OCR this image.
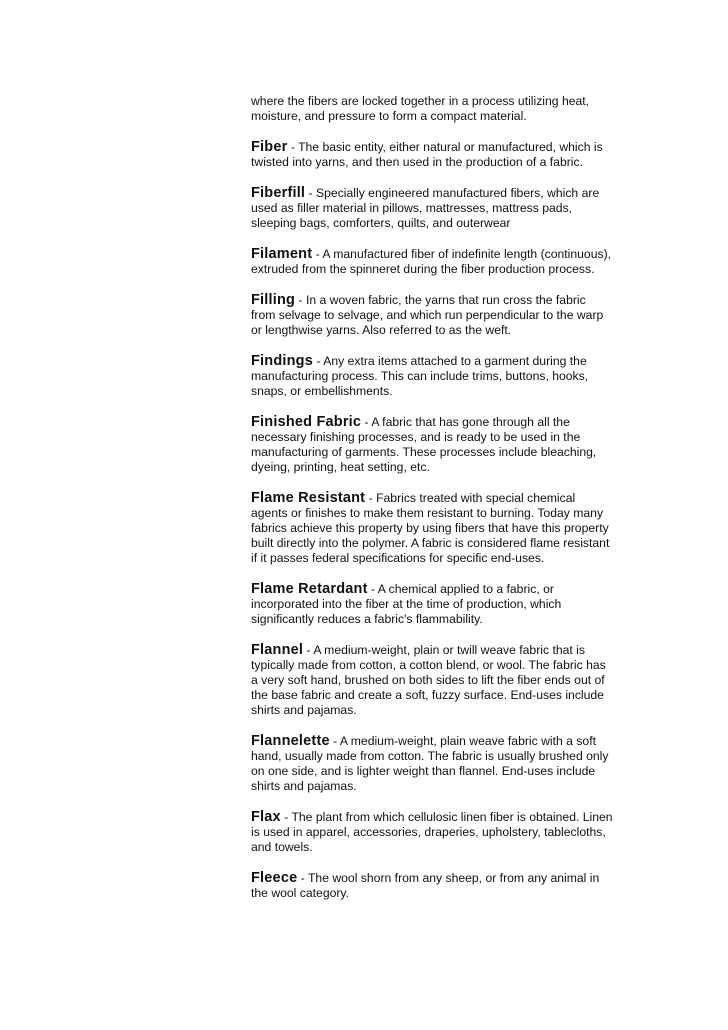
where the fibers are locked together in a process utilizing heat, moisture, and pressure to form a compact material.

Fiber - The basic entity, either natural or manufactured, which is twisted into yarns, and then used in the production of a fabric.

Fiberfill - Specially engineered manufactured fibers, which are used as filler material in pillows, mattresses, mattress pads, sleeping bags, comforters, quilts, and outerwear

Filament - A manufactured fiber of indefinite length (continuous), extruded from the spinneret during the fiber production process.

Filling - In a woven fabric, the yarns that run cross the fabric from selvage to selvage, and which run perpendicular to the warp or lengthwise yarns. Also referred to as the weft.

Findings - Any extra items attached to a garment during the manufacturing process. This can include trims, buttons, hooks, snaps, or embellishments.

Finished Fabric - A fabric that has gone through all the necessary finishing processes, and is ready to be used in the manufacturing of garments. These processes include bleaching, dyeing, printing, heat setting, etc.

Flame Resistant - Fabrics treated with special chemical agents or finishes to make them resistant to burning. Today many fabrics achieve this property by using fibers that have this property built directly into the polymer. A fabric is considered flame resistant if it passes federal specifications for specific end-uses.

Flame Retardant - A chemical applied to a fabric, or incorporated into the fiber at the time of production, which significantly reduces a fabric's flammability.

Flannel - A medium-weight, plain or twill weave fabric that is typically made from cotton, a cotton blend, or wool. The fabric has a very soft hand, brushed on both sides to lift the fiber ends out of the base fabric and create a soft, fuzzy surface. End-uses include shirts and pajamas.

Flannelette - A medium-weight, plain weave fabric with a soft hand, usually made from cotton. The fabric is usually brushed only on one side, and is lighter weight than flannel. End-uses include shirts and pajamas.

Flax - The plant from which cellulosic linen fiber is obtained. Linen is used in apparel, accessories, draperies, upholstery, tablecloths, and towels.

Fleece - The wool shorn from any sheep, or from any animal in the wool category.
